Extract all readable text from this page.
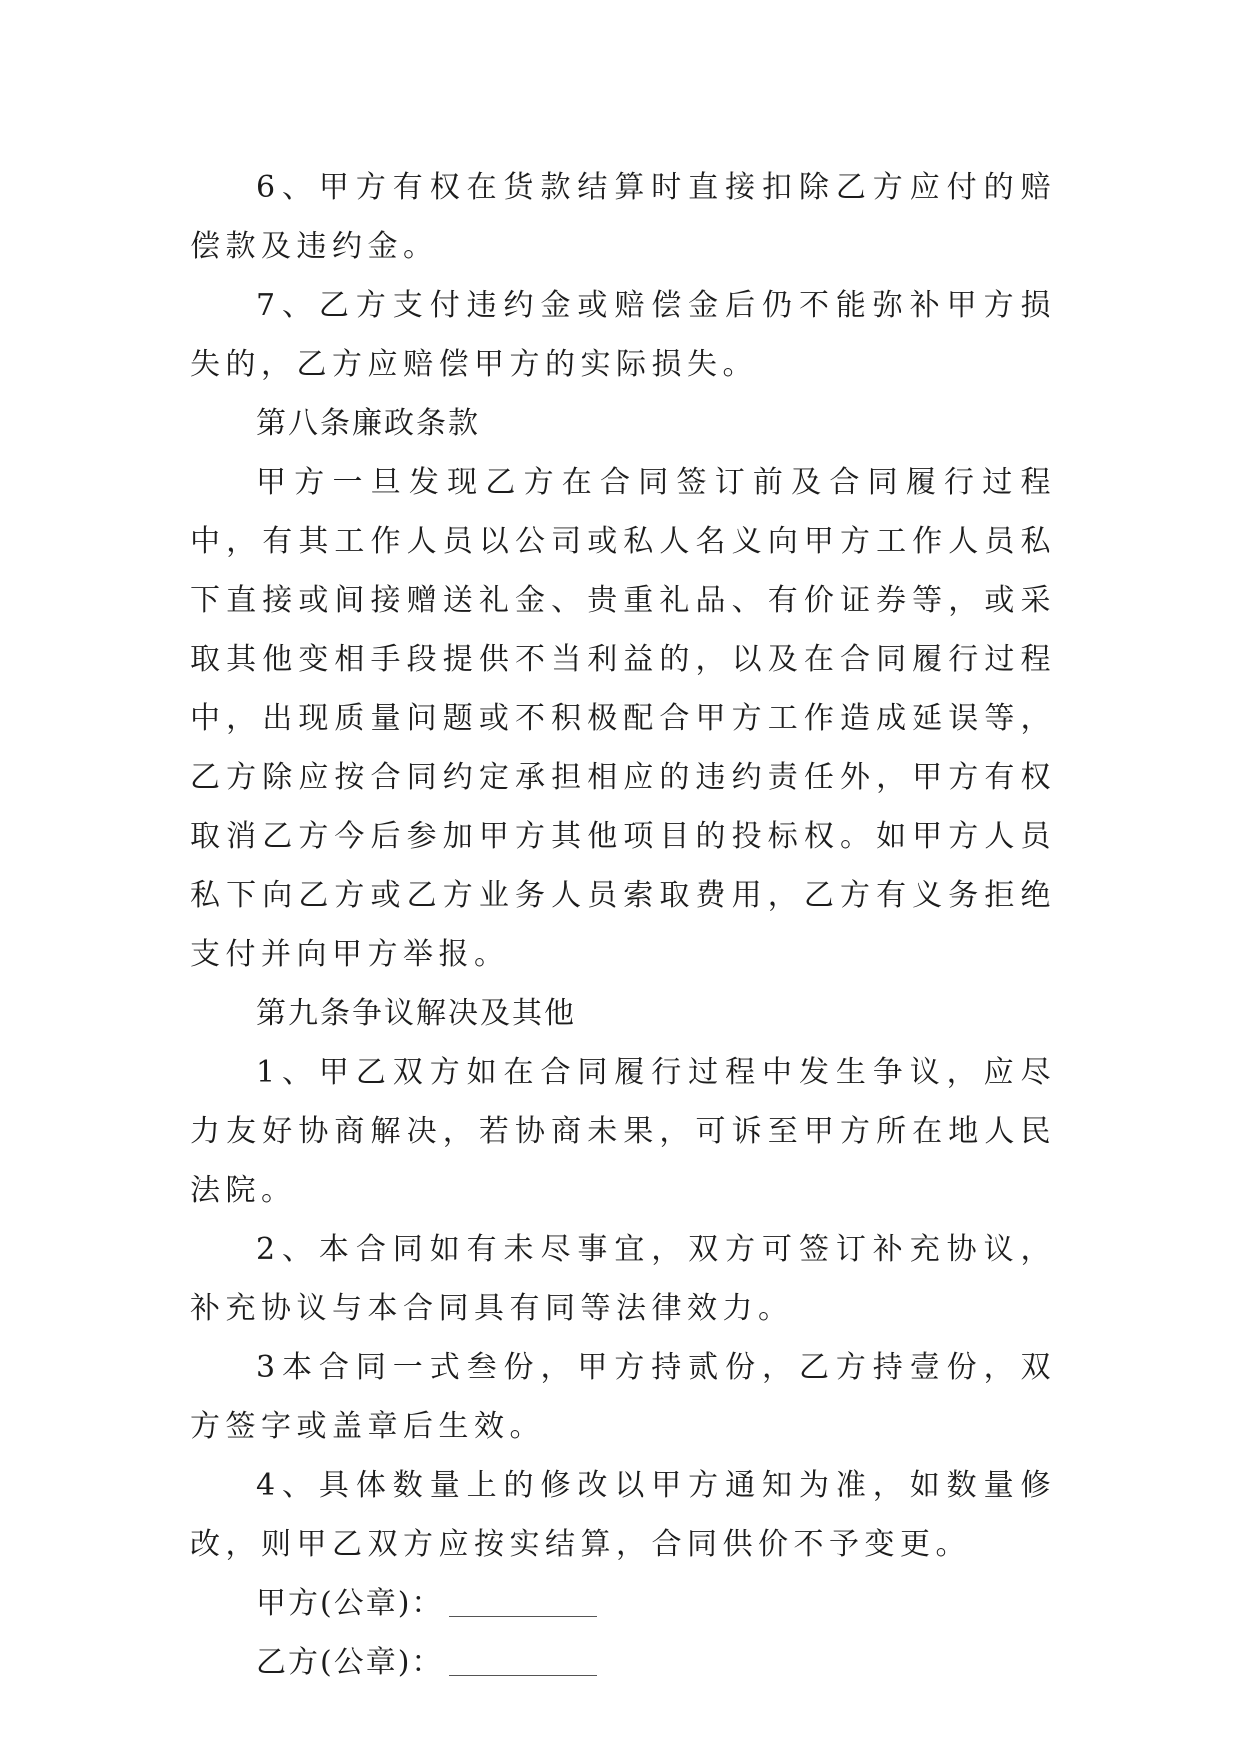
6、甲方有权在货款结算时直接扣除乙方应付的赔偿款及违约金。

7、乙方支付违约金或赔偿金后仍不能弥补甲方损失的，乙方应赔偿甲方的实际损失。

第八条廉政条款

甲方一旦发现乙方在合同签订前及合同履行过程中，有其工作人员以公司或私人名义向甲方工作人员私下直接或间接赠送礼金、贵重礼品、有价证券等，或采取其他变相手段提供不当利益的，以及在合同履行过程中，出现质量问题或不积极配合甲方工作造成延误等，乙方除应按合同约定承担相应的违约责任外，甲方有权取消乙方今后参加甲方其他项目的投标权。如甲方人员私下向乙方或乙方业务人员索取费用，乙方有义务拒绝支付并向甲方举报。

第九条争议解决及其他

1、甲乙双方如在合同履行过程中发生争议，应尽力友好协商解决，若协商未果，可诉至甲方所在地人民法院。

2、本合同如有未尽事宜，双方可签订补充协议，补充协议与本合同具有同等法律效力。

3本合同一式叁份，甲方持贰份，乙方持壹份，双方签字或盖章后生效。

4、具体数量上的修改以甲方通知为准，如数量修改，则甲乙双方应按实结算，合同供价不予变更。

甲方(公章)：

乙方(公章)：
